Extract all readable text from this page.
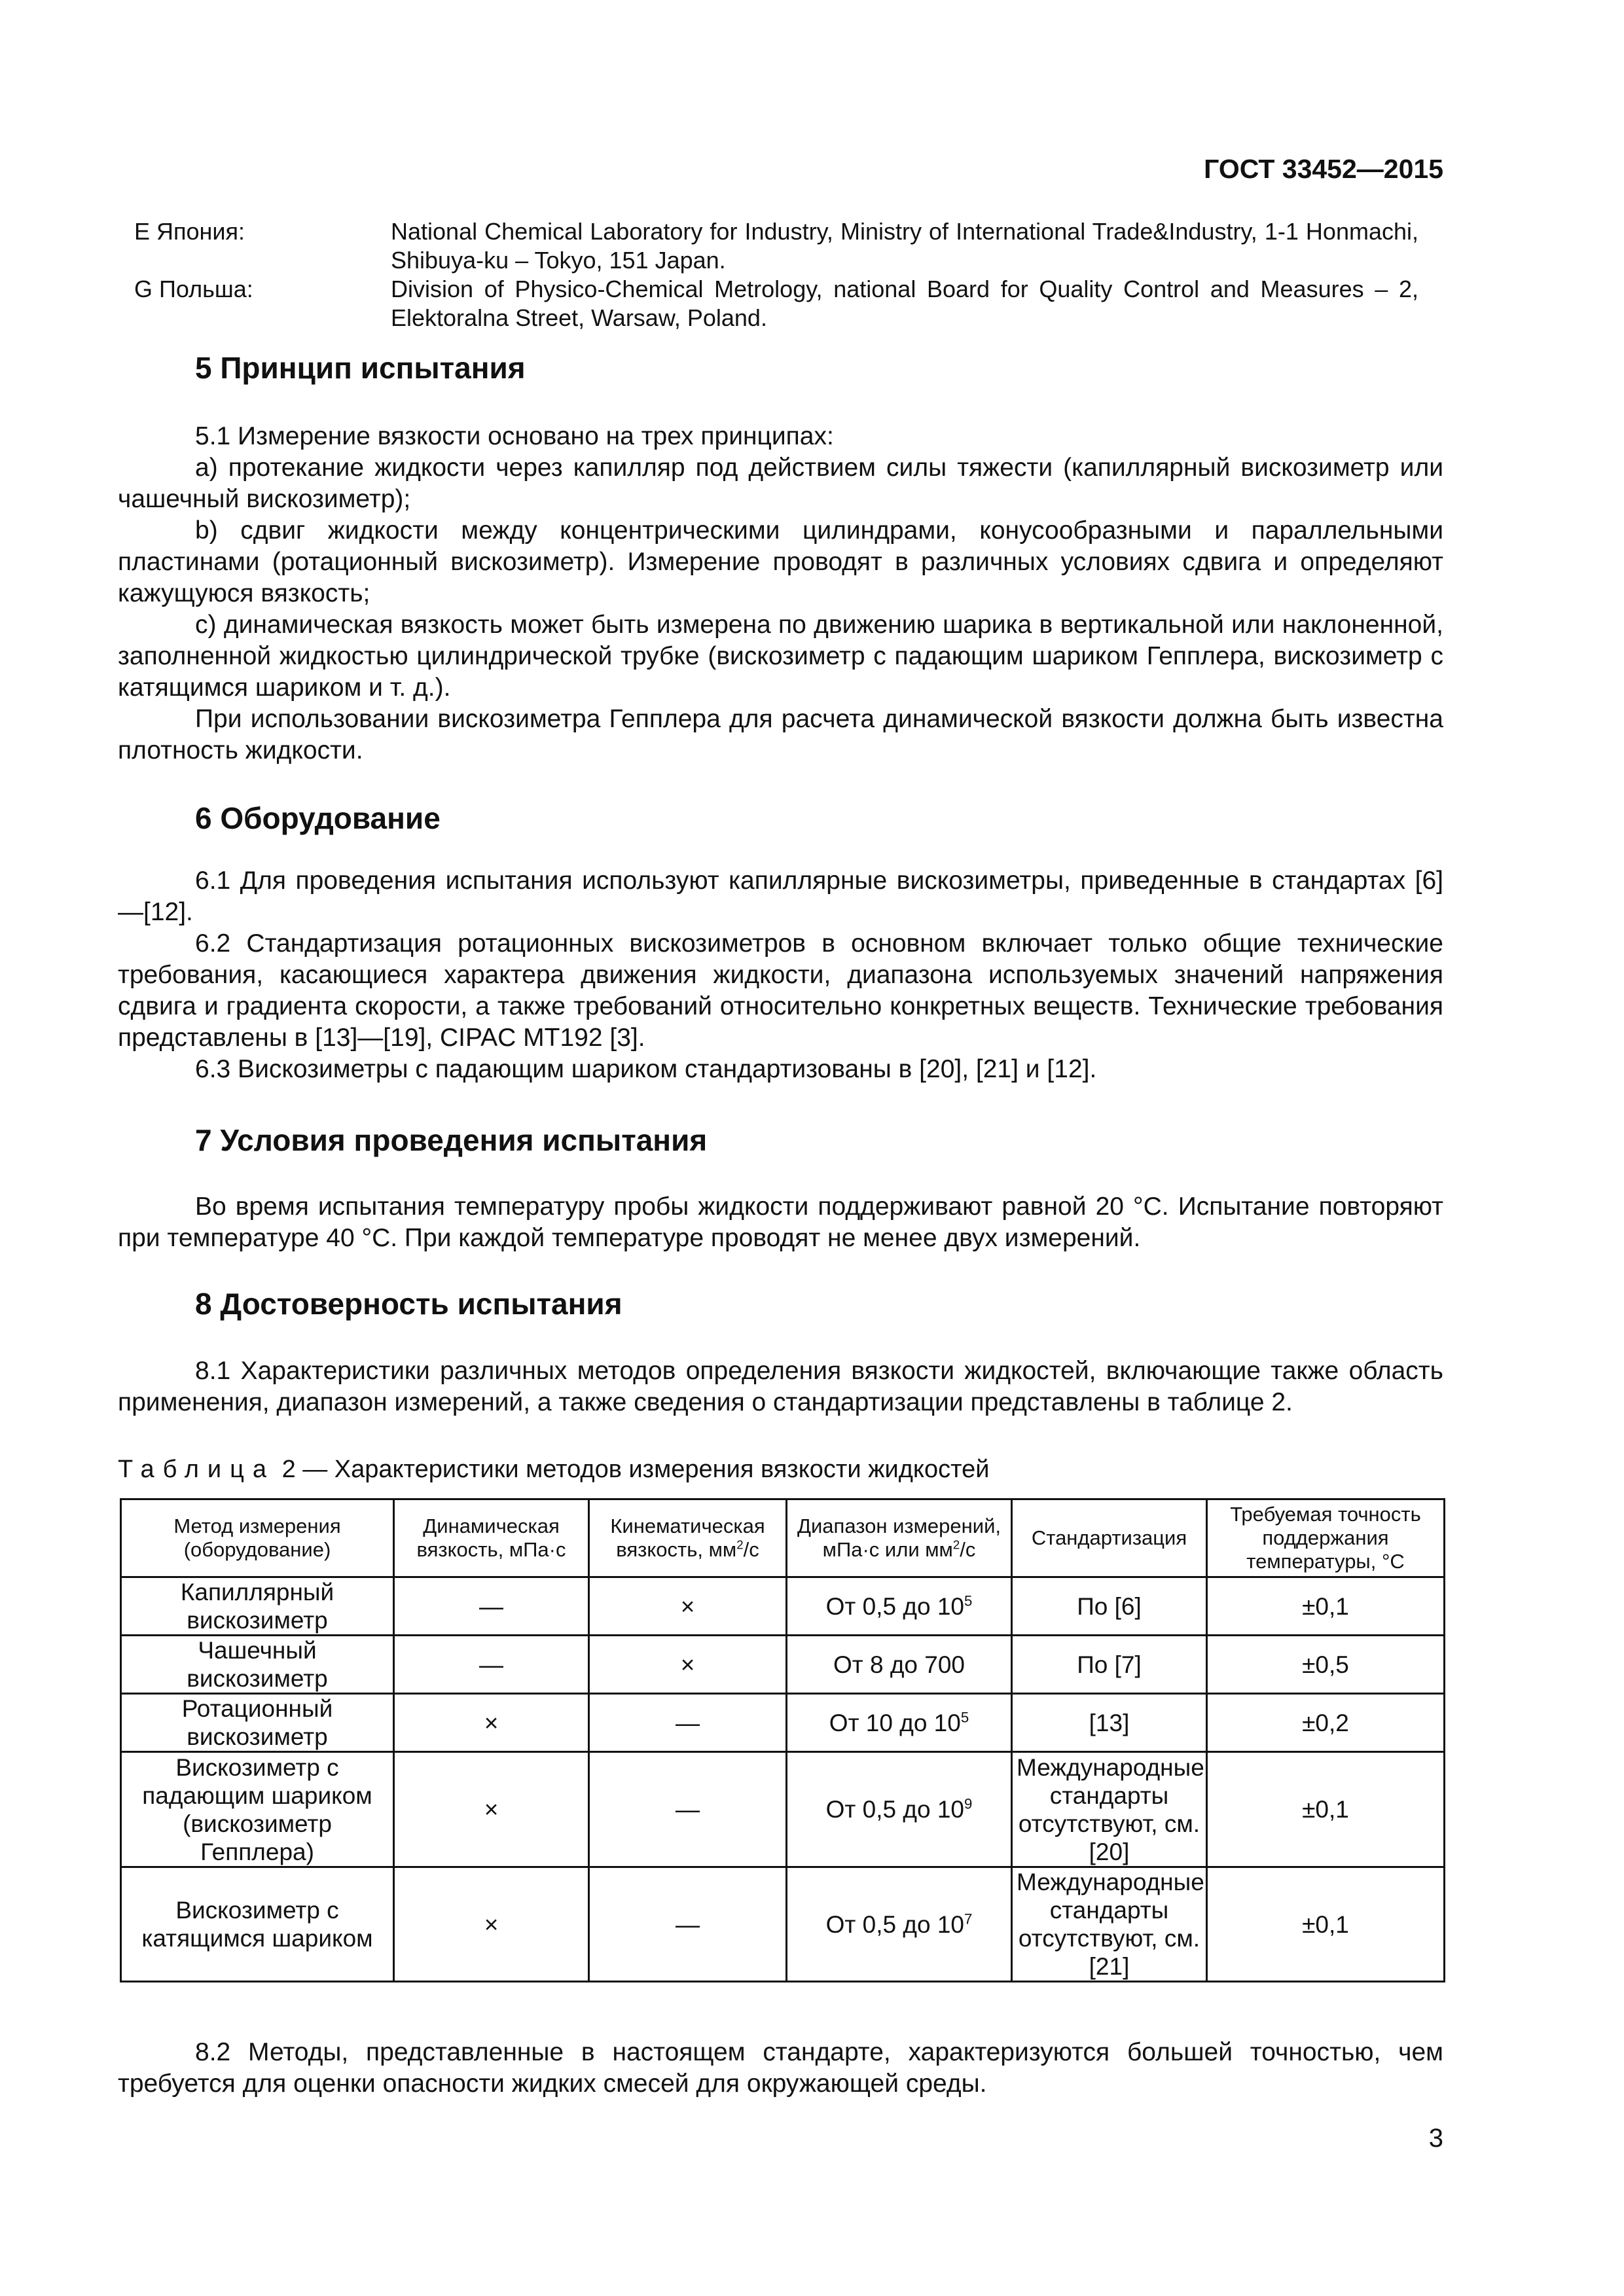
ГОСТ 33452—2015
E Япония:	National Chemical Laboratory for Industry, Ministry of International Trade&Industry, 1-1 Honmachi, Shibuya-ku – Tokyo, 151 Japan.
G Польша:	Division of Physico-Chemical Metrology, national Board for Quality Control and Measures – 2, Elektoralna Street, Warsaw, Poland.
5 Принцип испытания

5.1 Измерение вязкости основано на трех принципах:

a) протекание жидкости через капилляр под действием силы тяжести (капиллярный вискозиметр или чашечный вискозиметр);

b) сдвиг жидкости между концентрическими цилиндрами, конусообразными и параллельными пластинами (ротационный вискозиметр). Измерение проводят в различных условиях сдвига и определяют кажущуюся вязкость;

c) динамическая вязкость может быть измерена по движению шарика в вертикальной или наклоненной, заполненной жидкостью цилиндрической трубке (вискозиметр с падающим шариком Гепплера, вискозиметр с катящимся шариком и т. д.).

При использовании вискозиметра Гепплера для расчета динамической вязкости должна быть известна плотность жидкости.

6 Оборудование

6.1 Для проведения испытания используют капиллярные вискозиметры, приведенные в стандартах [6]—[12].

6.2 Стандартизация ротационных вискозиметров в основном включает только общие технические требования, касающиеся характера движения жидкости, диапазона используемых значений напряжения сдвига и градиента скорости, а также требований относительно конкретных веществ. Технические требования представлены в [13]—[19], CIPAC MT192 [3].

6.3 Вискозиметры с падающим шариком стандартизованы в [20], [21] и [12].

7 Условия проведения испытания

Во время испытания температуру пробы жидкости поддерживают равной 20 °С. Испытание повторяют при температуре 40 °С. При каждой температуре проводят не менее двух измерений.

8 Достоверность испытания

8.1 Характеристики различных методов определения вязкости жидкостей, включающие также область применения, диапазон измерений, а также сведения о стандартизации представлены в таблице 2.

Таблица 2 — Характеристики методов измерения вязкости жидкостей
Метод измерения (оборудование)	Динамическая вязкость, мПа·с	Кинематическая вязкость, $мм^2/с$	Диапазон измерений, мПа·с или $мм^2/с$	Стандартизация	Требуемая точность поддержания температуры, °С
Капиллярный вискозиметр	—	×	От 0,5 до $10^5$	По [6]	±0,1
Чашечный вискозиметр	—	×	От 8 до 700	По [7]	±0,5
Ротационный вискозиметр	×	—	От 10 до $10^5$	[13]	±0,2
Вискозиметр с падающим шариком (вискозиметр Гепплера)	×	—	От 0,5 до $10^9$	Международные стандарты отсутствуют, см. [20]	±0,1
Вискозиметр с катящимся шариком	×	—	От 0,5 до $10^7$	Международные стандарты отсутствуют, см. [21]	±0,1

8.2 Методы, представленные в настоящем стандарте, характеризуются большей точностью, чем требуется для оценки опасности жидких смесей для окружающей среды.

3
